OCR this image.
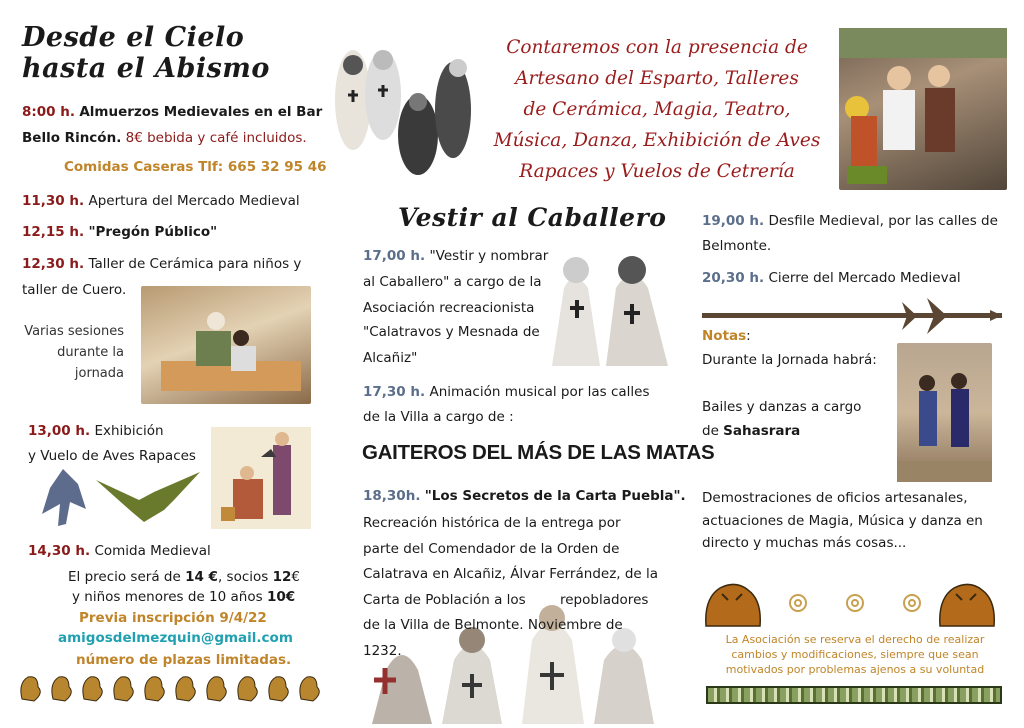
Desde el Cielo
hasta el Abismo
8:00 h. Almuerzos Medievales en el Bar
Bello Rincón. 8€ bebida y café incluidos.
Comidas Caseras Tlf: 665 32 95 46
11,30 h. Apertura del Mercado Medieval
12,15 h. "Pregón Público"
12,30 h. Taller de Cerámica para niños y
taller de Cuero.
Varias sesiones
durante la
jornada
13,00 h. Exhibición
y Vuelo de Aves Rapaces
14,30 h. Comida Medieval
El precio será de 14 €, socios 12€
y niños menores de 10 años 10€
Previa inscripción 9/4/22
amigosdelmezquin@gmail.com
número de plazas limitadas.
Contaremos con la presencia de
Artesano del Esparto, Talleres
de Cerámica, Magia, Teatro,
Música, Danza, Exhibición de Aves
Rapaces y Vuelos de Cetrería
Vestir al Caballero
17,00 h. "Vestir y nombrar
al Caballero" a cargo de la
Asociación recreacionista
"Calatravos y Mesnada de
Alcañiz"
17,30 h. Animación musical por las calles
de la Villa a cargo de :
GAITEROS DEL MÁS DE LAS MATAS
18,30h. "Los Secretos de la Carta Puebla".
Recreación histórica de la entrega por
parte del Comendador de la Orden de
Calatrava en Alcañiz, Álvar Ferrández, de la
Carta de Población a los        repobladores
de la Villa de Belmonte. Noviembre de
1232.
19,00 h. Desfile Medieval, por las calles de
Belmonte.
20,30 h. Cierre del Mercado Medieval
Notas:
Durante la Jornada habrá:
Bailes y danzas a cargo
de Sahasrara
Demostraciones de oficios artesanales,
actuaciones de Magia, Música y danza en
directo y muchas más cosas...
La Asociación se reserva el derecho de realizar
cambios y modificaciones, siempre que sean
motivados por problemas ajenos a su voluntad
